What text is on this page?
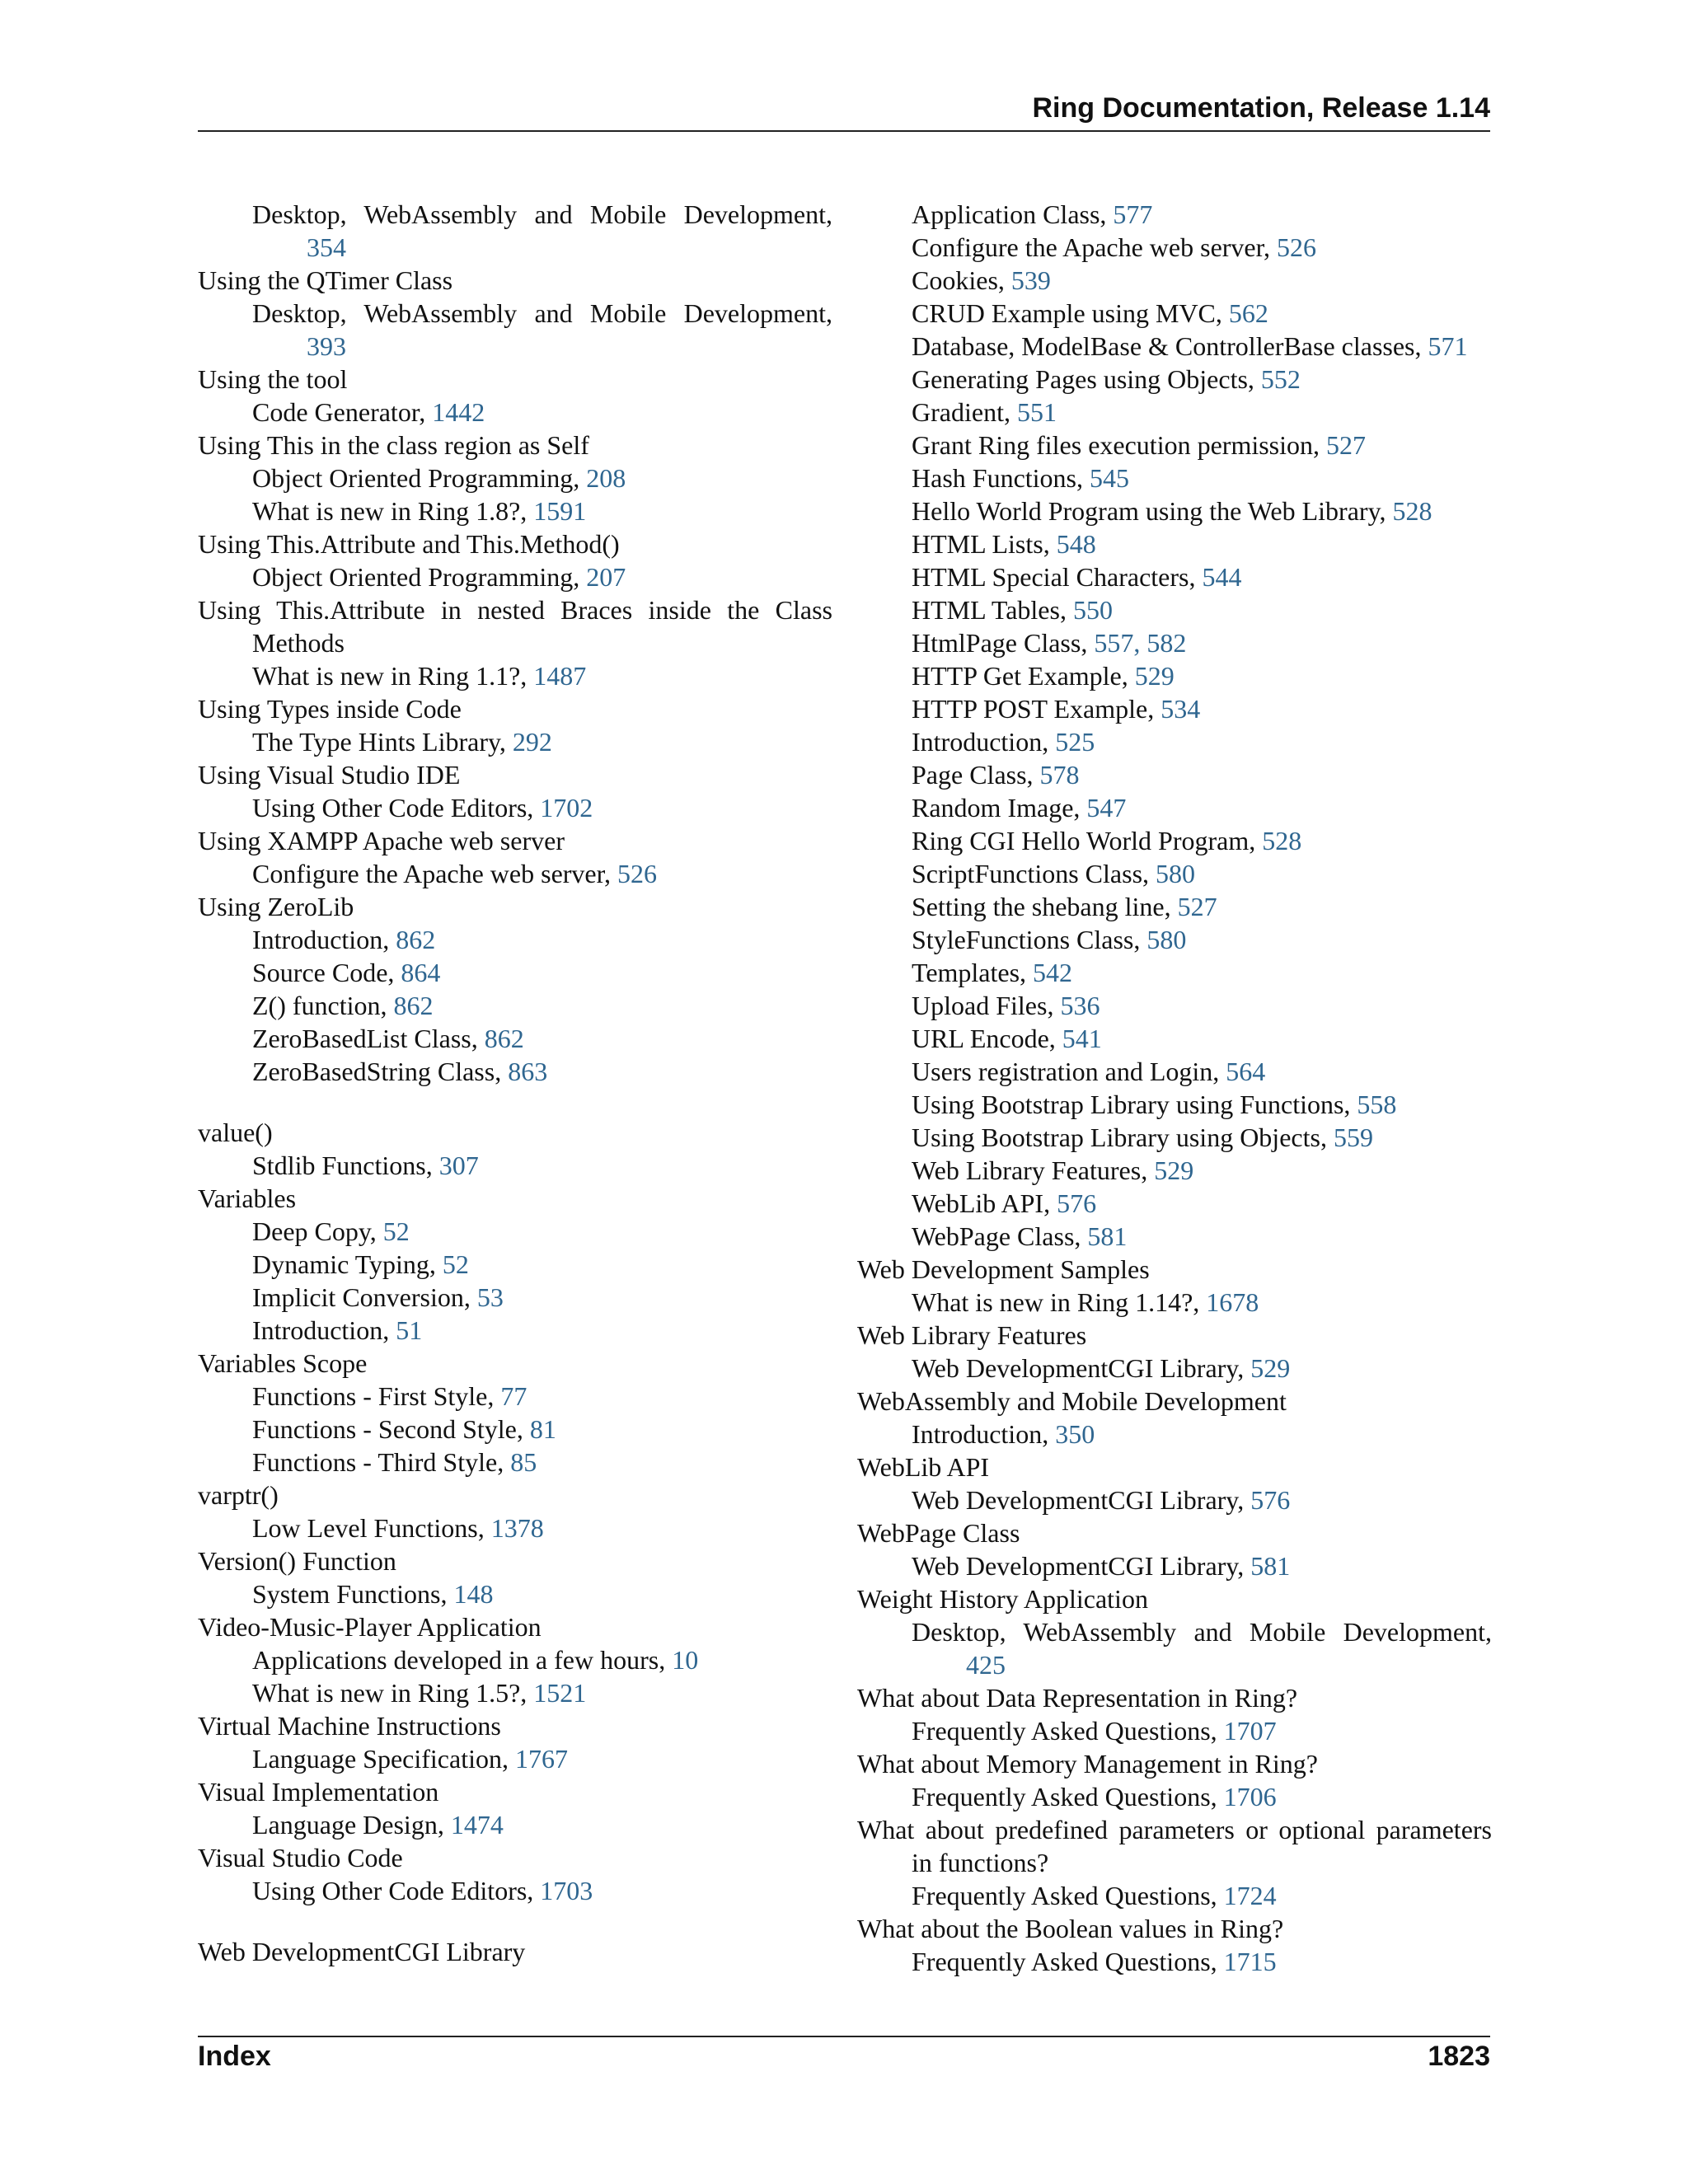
Ring Documentation, Release 1.14
Desktop, WebAssembly and Mobile Development, 354
Using the QTimer Class
Desktop, WebAssembly and Mobile Development, 393
Using the tool
Code Generator, 1442
Using This in the class region as Self
Object Oriented Programming, 208
What is new in Ring 1.8?, 1591
Using This.Attribute and This.Method()
Object Oriented Programming, 207
Using This.Attribute in nested Braces inside the Class Methods
What is new in Ring 1.1?, 1487
Using Types inside Code
The Type Hints Library, 292
Using Visual Studio IDE
Using Other Code Editors, 1702
Using XAMPP Apache web server
Configure the Apache web server, 526
Using ZeroLib
Introduction, 862
Source Code, 864
Z() function, 862
ZeroBasedList Class, 862
ZeroBasedString Class, 863
value()
Stdlib Functions, 307
Variables
Deep Copy, 52
Dynamic Typing, 52
Implicit Conversion, 53
Introduction, 51
Variables Scope
Functions - First Style, 77
Functions - Second Style, 81
Functions - Third Style, 85
varptr()
Low Level Functions, 1378
Version() Function
System Functions, 148
Video-Music-Player Application
Applications developed in a few hours, 10
What is new in Ring 1.5?, 1521
Virtual Machine Instructions
Language Specification, 1767
Visual Implementation
Language Design, 1474
Visual Studio Code
Using Other Code Editors, 1703
Web DevelopmentCGI Library
Application Class, 577
Configure the Apache web server, 526
Cookies, 539
CRUD Example using MVC, 562
Database, ModelBase & ControllerBase classes, 571
Generating Pages using Objects, 552
Gradient, 551
Grant Ring files execution permission, 527
Hash Functions, 545
Hello World Program using the Web Library, 528
HTML Lists, 548
HTML Special Characters, 544
HTML Tables, 550
HtmlPage Class, 557, 582
HTTP Get Example, 529
HTTP POST Example, 534
Introduction, 525
Page Class, 578
Random Image, 547
Ring CGI Hello World Program, 528
ScriptFunctions Class, 580
Setting the shebang line, 527
StyleFunctions Class, 580
Templates, 542
Upload Files, 536
URL Encode, 541
Users registration and Login, 564
Using Bootstrap Library using Functions, 558
Using Bootstrap Library using Objects, 559
Web Library Features, 529
WebLib API, 576
WebPage Class, 581
Web Development Samples
What is new in Ring 1.14?, 1678
Web Library Features
Web DevelopmentCGI Library, 529
WebAssembly and Mobile Development
Introduction, 350
WebLib API
Web DevelopmentCGI Library, 576
WebPage Class
Web DevelopmentCGI Library, 581
Weight History Application
Desktop, WebAssembly and Mobile Development, 425
What about Data Representation in Ring?
Frequently Asked Questions, 1707
What about Memory Management in Ring?
Frequently Asked Questions, 1706
What about predefined parameters or optional parameters in functions?
Frequently Asked Questions, 1724
What about the Boolean values in Ring?
Frequently Asked Questions, 1715
Index	1823
